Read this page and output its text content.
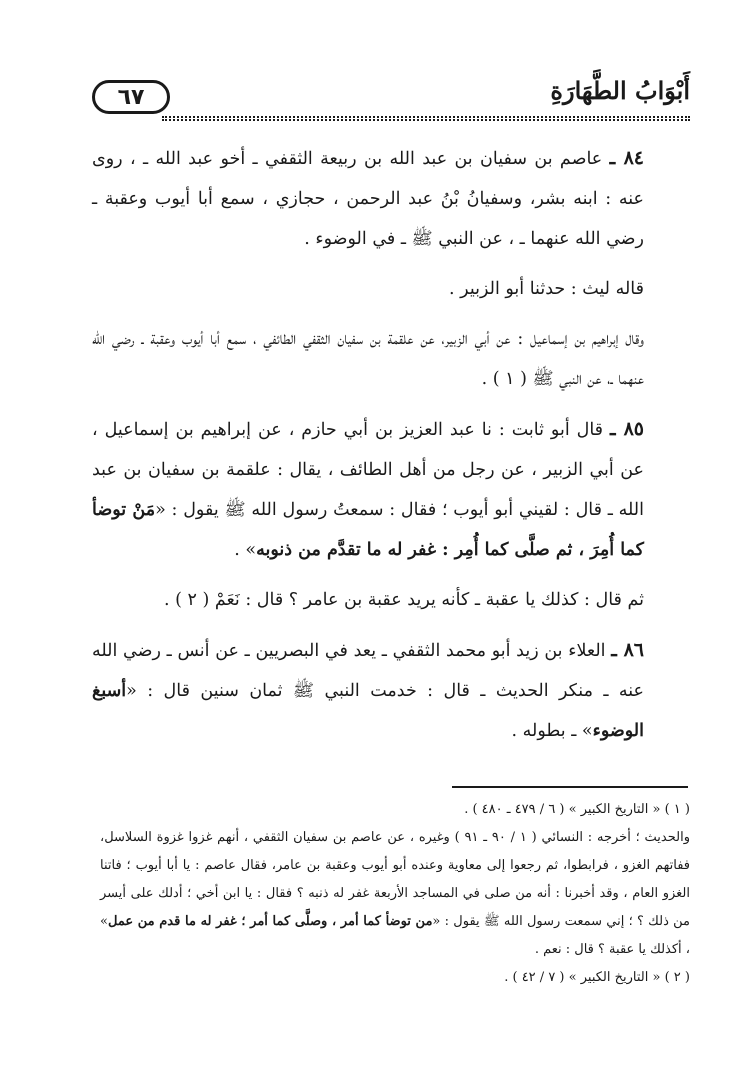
٦٧	أَبْوَابُ الطَّهَارَةِ

٨٤ ـ عاصم بن سفيان بن عبد الله بن ربيعة الثقفي ـ أخو عبد الله ـ ، روى عنه : ابنه بشر، وسفيانُ بْنُ عبد الرحمن ، حجازي ، سمع أبا أيوب وعقبة ـ رضي الله عنهما ـ ، عن النبي ﷺ ـ في الوضوء .

قاله ليث : حدثنا أبو الزبير .

وقال إبراهيم بن إسماعيل : عن أبي الزبير، عن علقمة بن سفيان الثقفي الطائفي ، سمع أبا أيوب وعقبة ـ رضي الله عنهما ـ، عن النبي ﷺ ( ١ ) .

٨٥ ـ قال أبو ثابت : نا عبد العزيز بن أبي حازم ، عن إبراهيم بن إسماعيل ، عن أبي الزبير ، عن رجل من أهل الطائف ، يقال : علقمة بن سفيان بن عبد الله ـ قال : لقيني أبو أيوب ؛ فقال : سمعتُ رسول الله ﷺ يقول : «مَنْ توضأ كما أُمِرَ ، ثم صلَّى كما أُمِر : غفر له ما تقدَّم من ذنوبه» .

ثم قال : كذلك يا عقبة ـ كأنه يريد عقبة بن عامر ؟ قال : نَعَمْ ( ٢ ) .

٨٦ ـ العلاء بن زيد أبو محمد الثقفي ـ يعد في البصريين ـ عن أنس ـ رضي الله عنه ـ منكر الحديث ـ قال : خدمت النبي ﷺ ثمان سنين قال : «أسبغ الوضوء» ـ بطوله .

( ١ ) « التاريخ الكبير » ( ٦ / ٤٧٩ ـ ٤٨٠ ) .

والحديث ؛ أخرجه : النسائي ( ١ / ٩٠ ـ ٩١ ) وغيره ، عن عاصم بن سفيان الثقفي ، أنهم غزوا غزوة السلاسل، ففاتهم الغزو ، فرابطوا، ثم رجعوا إلى معاوية وعنده أبو أيوب وعقبة بن عامر، فقال عاصم : يا أبا أيوب ؛ فاتنا الغزو العام ، وقد أخبرنا : أنه من صلى في المساجد الأربعة غفر له ذنبه ؟ فقال : يا ابن أخي ؛ أدلك على أيسر من ذلك ؟ ؛ إني سمعت رسول الله ﷺ يقول : «من توضأ كما أمر ، وصلَّى كما أمر ؛ غفر له ما قدم من عمل» ، أكذلك يا عقبة ؟ قال : نعم .

( ٢ ) « التاريخ الكبير » ( ٧ / ٤٢ ) .
